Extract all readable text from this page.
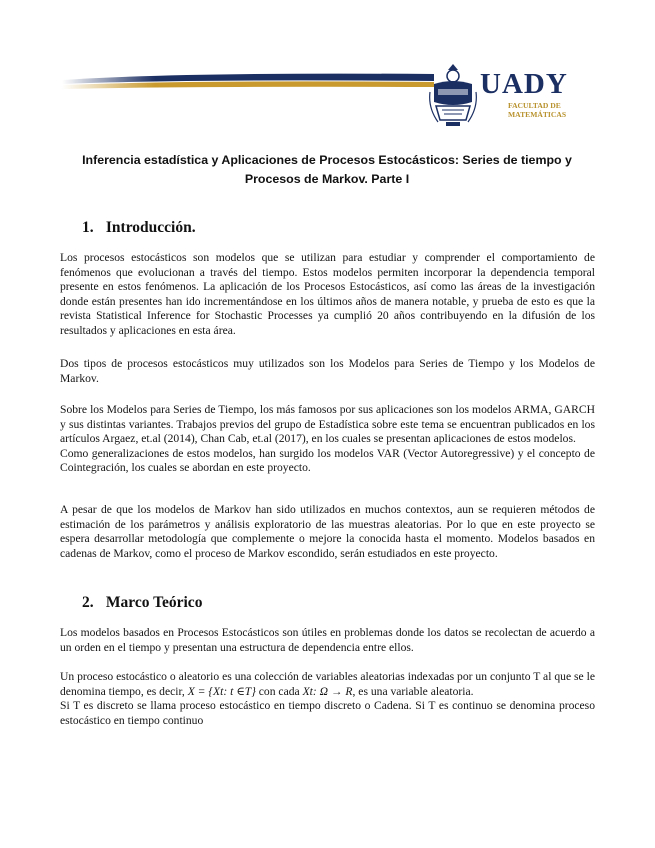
UADY
FACULTAD DE
MATEMÁTICAS
Inferencia estadística y Aplicaciones de Procesos Estocásticos: Series de tiempo y
Procesos de Markov. Parte I
1. Introducción.

Los procesos estocásticos son modelos que se utilizan para estudiar y comprender el comportamiento de fenómenos que evolucionan a través del tiempo. Estos modelos permiten incorporar la dependencia temporal presente en estos fenómenos. La aplicación de los Procesos Estocásticos, así como las áreas de la investigación donde están presentes han ido incrementándose en los últimos años de manera notable, y prueba de esto es que la revista Statistical Inference for Stochastic Processes ya cumplió 20 años contribuyendo en la difusión de los resultados y aplicaciones en esta área.

Dos tipos de procesos estocásticos muy utilizados son los Modelos para Series de Tiempo y los Modelos de Markov.

Sobre los Modelos para Series de Tiempo, los más famosos por sus aplicaciones son los modelos ARMA, GARCH y sus distintas variantes. Trabajos previos del grupo de Estadística sobre este tema se encuentran publicados en los artículos Argaez, et.al (2014), Chan Cab, et.al (2017), en los cuales se presentan aplicaciones de estos modelos.

Como generalizaciones de estos modelos, han surgido los modelos VAR (Vector Autoregressive) y el concepto de Cointegración, los cuales se abordan en este proyecto.

A pesar de que los modelos de Markov han sido utilizados en muchos contextos, aun se requieren métodos de estimación de los parámetros y análisis exploratorio de las muestras aleatorias. Por lo que en este proyecto se espera desarrollar metodología que complemente o mejore la conocida hasta el momento. Modelos basados en cadenas de Markov, como el proceso de Markov escondido, serán estudiados en este proyecto.

2. Marco Teórico

Los modelos basados en Procesos Estocásticos son útiles en problemas donde los datos se recolectan de acuerdo a un orden en el tiempo y presentan una estructura de dependencia entre ellos.

Un proceso estocástico o aleatorio es una colección de variables aleatorias indexadas por un conjunto T al que se le denomina tiempo, es decir, X = {Xt: t ∈T} con cada Xt: Ω → R, es una variable aleatoria.

Si T es discreto se llama proceso estocástico en tiempo discreto o Cadena. Si T es continuo se denomina proceso estocástico en tiempo continuo
